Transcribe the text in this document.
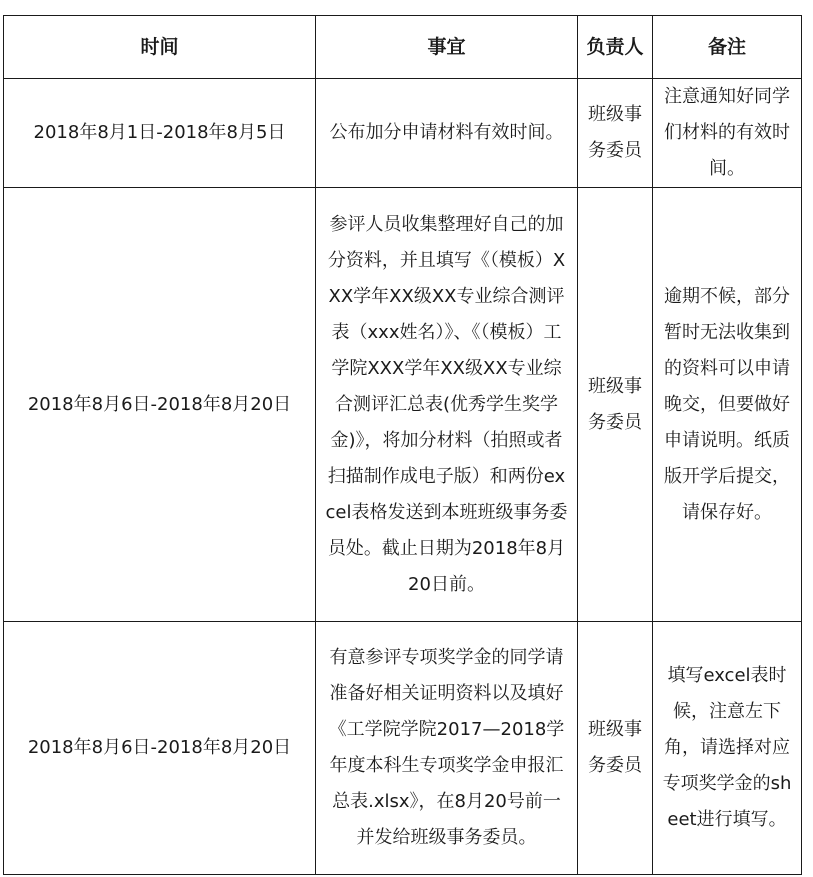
时间	事宜	负责人	备注
2018年8月1日-2018年8月5日	公布加分申请材料有效时间。	班级事务委员	注意通知好同学们材料的有效时间。

2018年8月6日-2018年8月20日	参评人员收集整理好自己的加分资料，并且填写《（模板）XXX学年XX级XX专业综合测评表（xxx姓名）》、《（模板）工学院XXX学年XX级XX专业综合测评汇总表(优秀学生奖学金)》，将加分材料（拍照或者扫描制作成电子版）和两份excel表格发送到本班班级事务委员处。截止日期为2018年8月20日前。	班级事务委员	逾期不候，部分暂时无法收集到的资料可以申请晚交，但要做好申请说明。纸质版开学后提交，请保存好。

2018年8月6日-2018年8月20日	有意参评专项奖学金的同学请准备好相关证明资料以及填好《工学院学院2017—2018学年度本科生专项奖学金申报汇总表.xlsx》，在8月20号前一并发给班级事务委员。	班级事务委员	填写excel表时候，注意左下角，请选择对应专项奖学金的sheet进行填写。
